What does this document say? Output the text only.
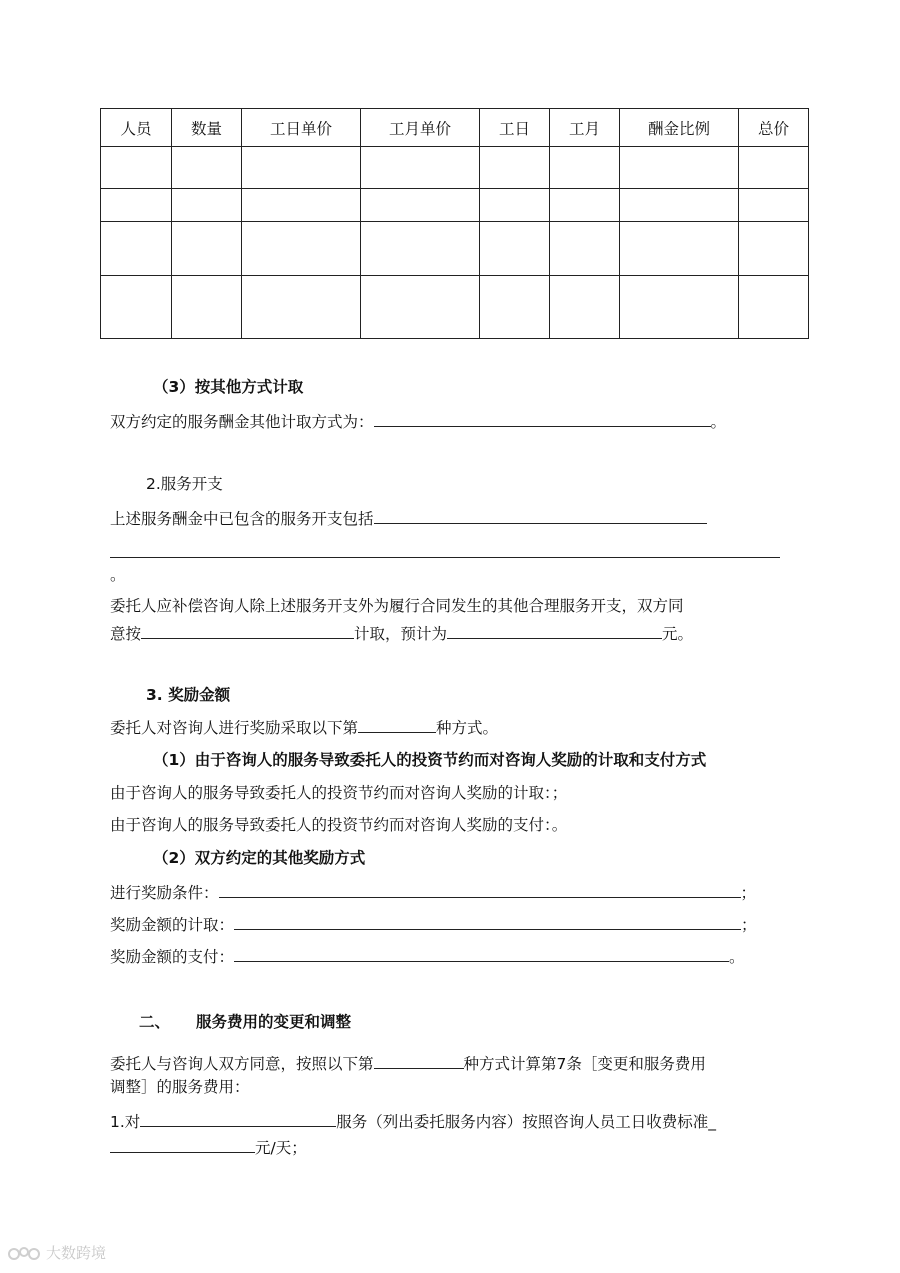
人员	数量	工日单价	工月单价	工日	工月	酬金比例	总价

（3）按其他方式计取
双方约定的服务酬金其他计取方式为：	。
2.服务开支
上述服务酬金中已包含的服务开支包括
。
委托人应补偿咨询人除上述服务开支外为履行合同发生的其他合理服务开支，双方同
意按	计取，预计为	元。
3. 奖励金额
委托人对咨询人进行奖励采取以下第	种方式。
（1）由于咨询人的服务导致委托人的投资节约而对咨询人奖励的计取和支付方式
由于咨询人的服务导致委托人的投资节约而对咨询人奖励的计取：；
由于咨询人的服务导致委托人的投资节约而对咨询人奖励的支付：。
（2）双方约定的其他奖励方式
进行奖励条件：	；
奖励金额的计取：	；
奖励金额的支付：	。
二、 服务费用的变更和调整
委托人与咨询人双方同意，按照以下第	种方式计算第7条［变更和服务费用
调整］的服务费用：
1.对	服务（列出委托服务内容）按照咨询人员工日收费标准_
元/天；
大数跨境
